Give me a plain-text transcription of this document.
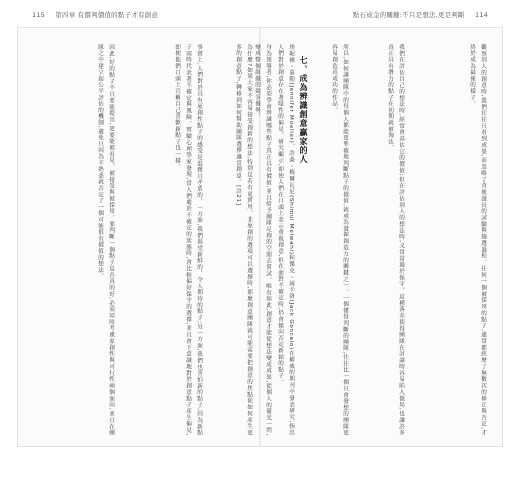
115 第四章 有價判價值的點子才有創意	點石成金的關鍵:不只是想法,更是判斷 114
觀察別人的創意時,我們往往只看到成果,而忽略了背後漫長的試驗與篩選過程。任何一個被採用的點子,通常都經歷了無數次的修正與否定,才終於成為最後的樣子。
我們在評估自己的想法時,經常會高估它的價值;但在評估別人的想法時,又常常過於保守。這種落差使得團隊在討論時容易陷入僵局,也讓許多真正具有潛力的點子在初期就被淘汰。
所以,如何讓團隊中的每個人都能更準確地判斷點子的價值,就成為發揮創造力的關鍵之一。一個懂得判斷的團隊,往往比一個只會發想的團隊更容易創造出成功的作品。
七、成為辨識創意贏家的人
珍妮佛・慕勒(Jennifer Mueller)、許桑・梅爾瓦尼(Shimul Melwani)和傑克・岡卡洛(Jack Goncalo)在權威的期刊中發表研究,指出人們對於創意存在著隱性的偏見。研究顯示,即使人們在口頭上表示重視創意,但在面對不確定時,仍會傾向否定新穎的點子。
身為領導者,你必須學會辨識哪些點子真正具有價值,並且給予團隊足夠的空間去嘗試。唯有如此,創意才能從想法變成成果,從個人的靈光一閃,變成整個組織的競爭優勢。
為什麼?如果大家不容易接受創新的想法,特別是若有更實用、非原創的選項可以選擇時,那麼創意團隊就可能需要把創意的焦點從如何產生更多的創意點子,轉移到如何幫助團隊選擇適當創意。[註21]
事實上,人們對於具有原創性點子的感受是混雜且矛盾的。一方面,我們渴望新鮮的、令人期待的點子;另一方面,我們也害怕新的點子,因為新點子同時代表著不確定與風險。實驗心理學家發現,當人們處於不確定的狀態時,會比較偏好保守的選擇,並且會下意識地對於創意點子產生偏見,即便他們口頭上宣稱自己喜歡新點子也一樣。
因此,好的點子不只要能提出,更要能被看見、被接受與被採用。要判斷一個點子是否真的好,必須同時考慮原創性與可行性兩個面向,並且在團隊之中建立起公平評估的機制,避免只因為不熟悉就否定了一個可能很有價值的想法。
